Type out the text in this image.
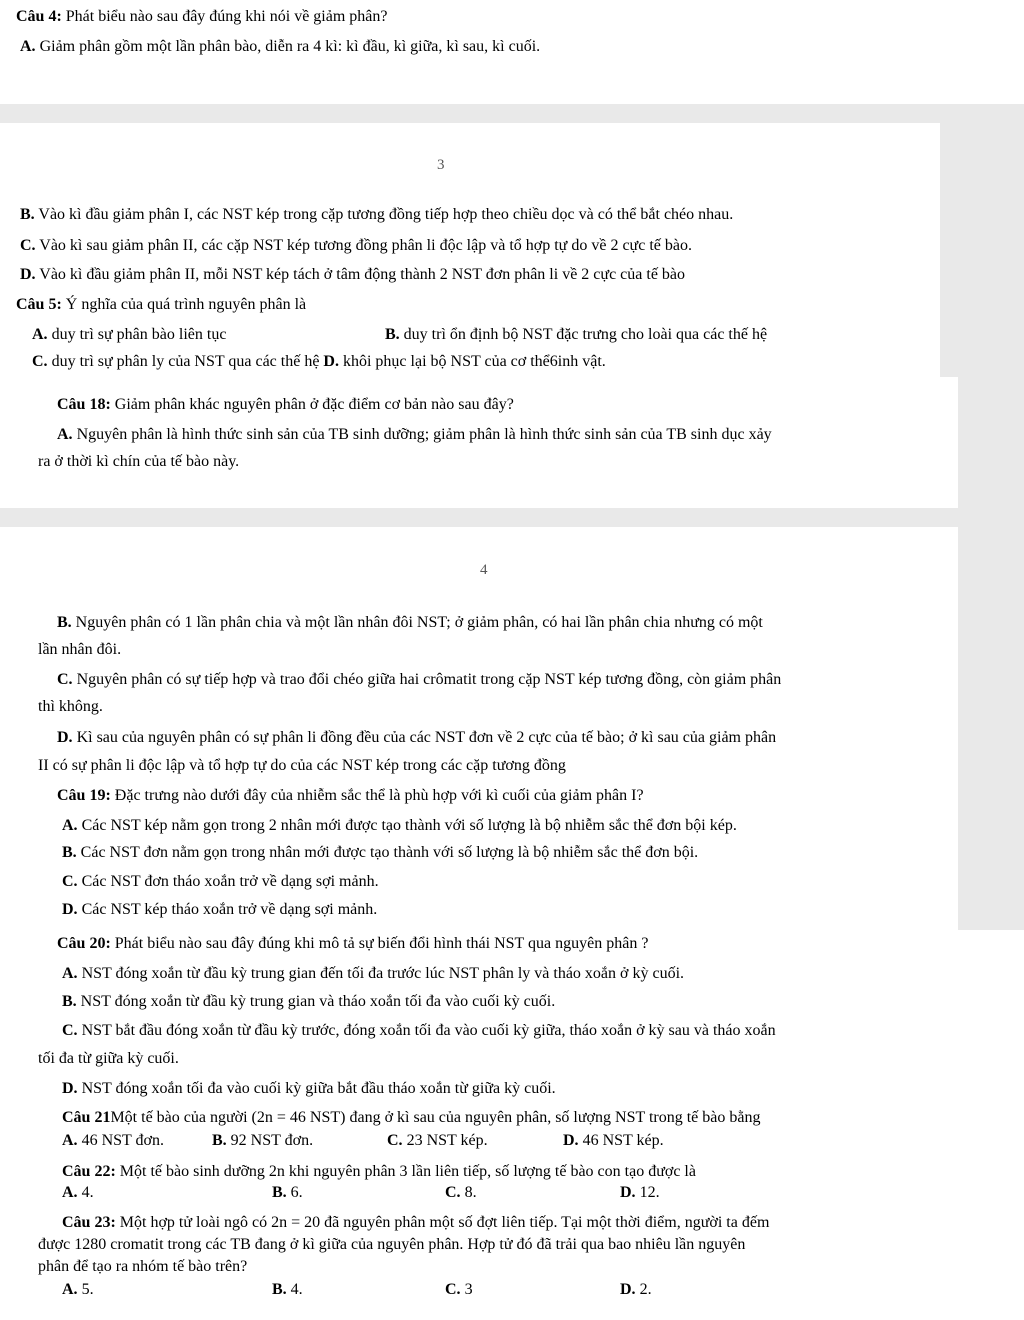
Câu 4: Phát biểu nào sau đây đúng khi nói về giảm phân?
A. Giảm phân gồm một lần phân bào, diễn ra 4 kì: kì đầu, kì giữa, kì sau, kì cuối.
3
B. Vào kì đầu giảm phân I, các NST kép trong cặp tương đồng tiếp hợp theo chiều dọc và có thể bắt chéo nhau.
C. Vào kì sau giảm phân II, các cặp NST kép tương đồng phân li độc lập và tổ hợp tự do về 2 cực tế bào.
D. Vào kì đầu giảm phân II, mỗi NST kép tách ở tâm động thành 2 NST đơn phân li về 2 cực của tế bào
Câu 5: Ý nghĩa của quá trình nguyên phân là
A. duy trì sự phân bào liên tục	B. duy trì ổn định bộ NST đặc trưng cho loài qua các thế hệ
C. duy trì sự phân ly của NST qua các thế hệ D. khôi phục lại bộ NST của cơ thể6inh vật.
Câu 18: Giảm phân khác nguyên phân ở đặc điểm cơ bản nào sau đây?
A. Nguyên phân là hình thức sinh sản của TB sinh dưỡng; giảm phân là hình thức sinh sản của TB sinh dục xảy
ra ở thời kì chín của tế bào này.
4
B. Nguyên phân có 1 lần phân chia và một lần nhân đôi NST; ở giảm phân, có hai lần phân chia nhưng có một
lần nhân đôi.
C. Nguyên phân có sự tiếp hợp và trao đổi chéo giữa hai crômatit trong cặp NST kép tương đồng, còn giảm phân
thì không.
D. Kì sau của nguyên phân có sự phân li đồng đều của các NST đơn về 2 cực của tế bào; ở kì sau của giảm phân
II có sự phân li độc lập và tổ hợp tự do của các NST kép trong các cặp tương đồng
Câu 19: Đặc trưng nào dưới đây của nhiễm sắc thể là phù hợp với kì cuối của giảm phân I?
A. Các NST kép nằm gọn trong 2 nhân mới được tạo thành với số lượng là bộ nhiễm sắc thể đơn bội kép.
B. Các NST đơn nằm gọn trong nhân mới được tạo thành với số lượng là bộ nhiễm sắc thể đơn bội.
C. Các NST đơn tháo xoắn trở về dạng sợi mảnh.
D. Các NST kép tháo xoắn trở về dạng sợi mảnh.
Câu 20: Phát biểu nào sau đây đúng khi mô tả sự biến đổi hình thái NST qua nguyên phân ?
A. NST đóng xoắn từ đầu kỳ trung gian đến tối đa trước lúc NST phân ly và tháo xoắn ở kỳ cuối.
B. NST đóng xoắn từ đầu kỳ trung gian và tháo xoắn tối đa vào cuối kỳ cuối.
C. NST bắt đầu đóng xoắn từ đầu kỳ trước, đóng xoắn tối đa vào cuối kỳ giữa, tháo xoắn ở kỳ sau và tháo xoắn
tối đa từ giữa kỳ cuối.
D. NST đóng xoắn tối đa vào cuối kỳ giữa bắt đầu tháo xoắn từ giữa kỳ cuối.
Câu 21Một tế bào của người (2n = 46 NST) đang ở kì sau của nguyên phân, số lượng NST trong tế bào bằng
A. 46 NST đơn.	B. 92 NST đơn.	C. 23 NST kép.	D. 46 NST kép.
Câu 22: Một tế bào sinh dưỡng 2n khi nguyên phân 3 lần liên tiếp, số lượng tế bào con tạo được là
A. 4.	B. 6.	C. 8.	D. 12.
Câu 23: Một hợp tử loài ngô có 2n = 20 đã nguyên phân một số đợt liên tiếp. Tại một thời điểm, người ta đếm
được 1280 cromatit trong các TB đang ở kì giữa của nguyên phân. Hợp tử đó đã trải qua bao nhiêu lần nguyên
phân để tạo ra nhóm tế bào trên?
A. 5.	B. 4.	C. 3	D. 2.
